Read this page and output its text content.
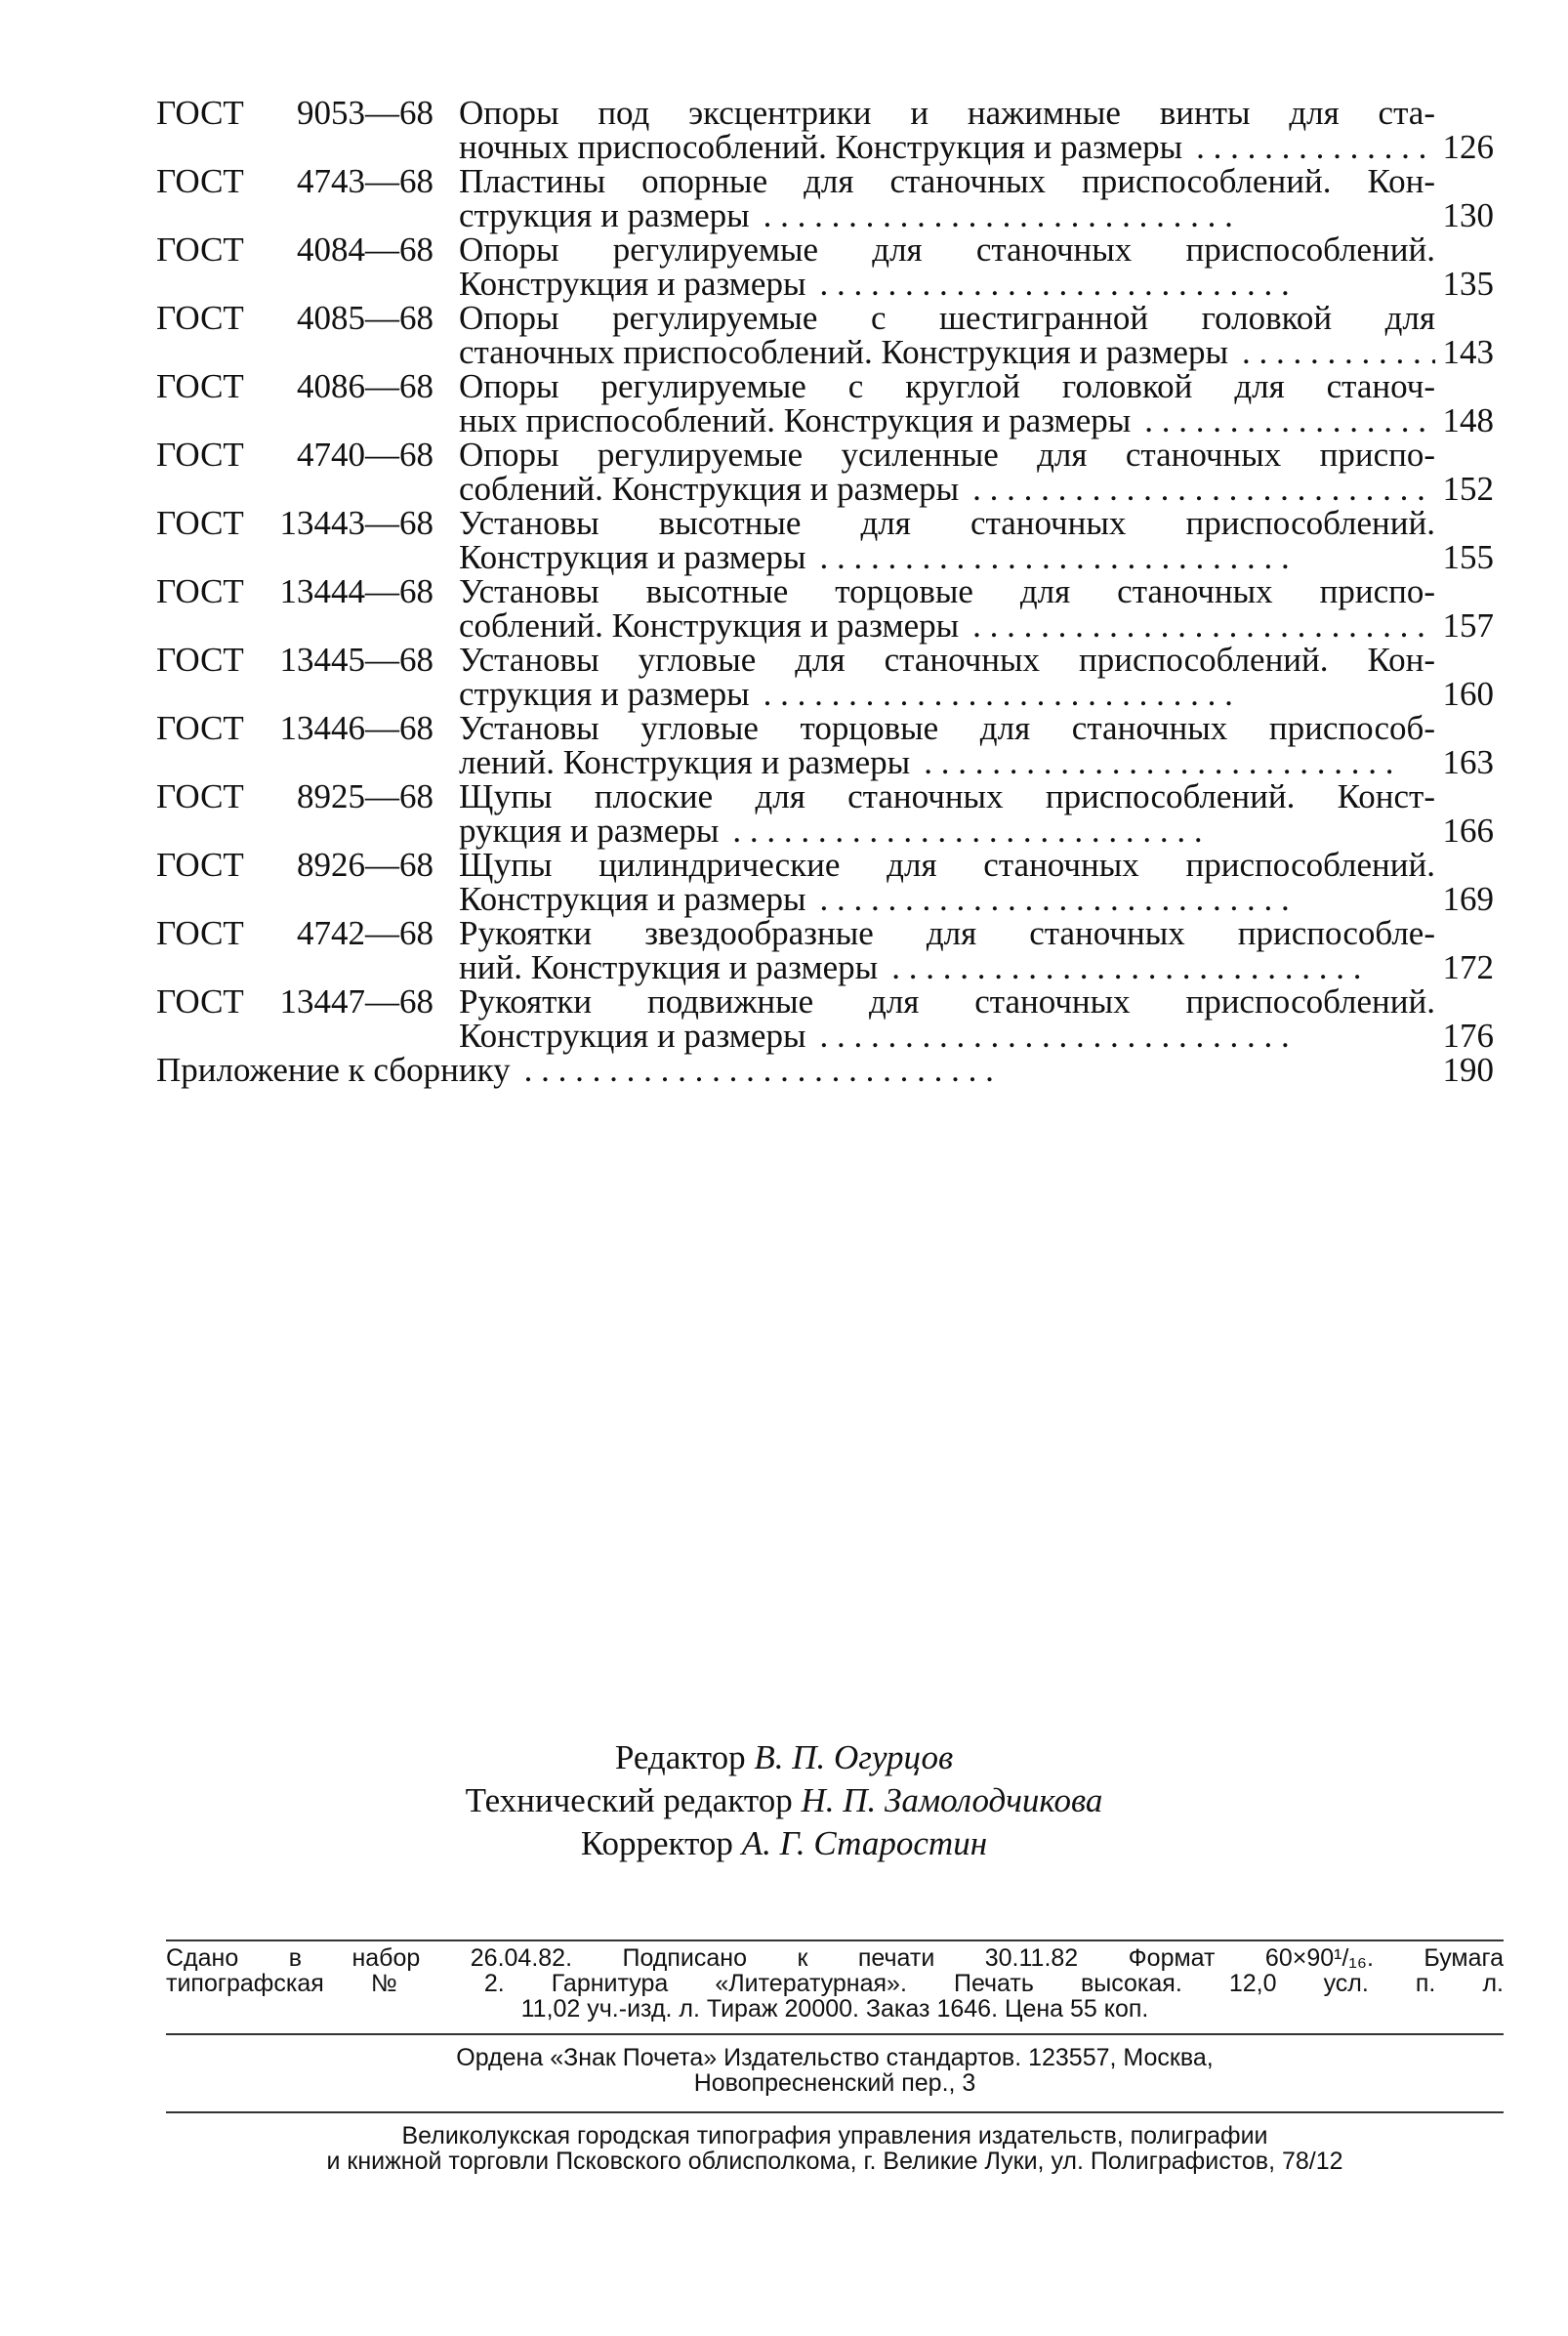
ГОСТ	9053—68 Опоры под эксцентрики и нажимные винты для ста-
ночных приспособлений. Конструкция и размеры . .	126
ГОСТ	4743—68 Пластины опорные для станочных приспособлений. Кон-
струкция и размеры . .	130
ГОСТ	4084—68 Опоры регулируемые для станочных приспособлений.
Конструкция и размеры . .	135
ГОСТ	4085—68 Опоры регулируемые с шестигранной головкой для
станочных приспособлений. Конструкция и размеры . .	143
ГОСТ	4086—68 Опоры регулируемые с круглой головкой для станоч-
ных приспособлений. Конструкция и размеры . .	148
ГОСТ	4740—68 Опоры регулируемые усиленные для станочных приспо-
соблений. Конструкция и размеры . .	152
ГОСТ	13443—68 Установы высотные для станочных приспособлений.
Конструкция и размеры . .	155
ГОСТ	13444—68 Установы высотные торцовые для станочных приспо-
соблений. Конструкция и размеры . .	157
ГОСТ	13445—68 Установы угловые для станочных приспособлений. Кон-
струкция и размеры . .	160
ГОСТ	13446—68 Установы угловые торцовые для станочных приспособ-
лений. Конструкция и размеры . .	163
ГОСТ	8925—68 Щупы плоские для станочных приспособлений. Конст-
рукция и размеры . .	166
ГОСТ	8926—68 Щупы цилиндрические для станочных приспособлений.
Конструкция и размеры . .	169
ГОСТ	4742—68 Рукоятки звездообразные для станочных приспособле-
ний. Конструкция и размеры . .	172
ГОСТ	13447—68 Рукоятки подвижные для станочных приспособлений.
Конструкция и размеры . .	176
Приложение к сборнику . .	190
Редактор В. П. Огурцов
Технический редактор Н. П. Замолодчикова
Корректор А. Г. Старостин
Сдано в набор 26.04.82. Подписано к печати 30.11.82 Формат 60×90¹/₁₆. Бумага
типографская № 2. Гарнитура «Литературная». Печать высокая. 12,0 усл. п. л.
11,02 уч.-изд. л. Тираж 20000. Заказ 1646. Цена 55 коп.
Ордена «Знак Почета» Издательство стандартов. 123557, Москва,
Новопресненский пер., 3
Великолукская городская типография управления издательств, полиграфии
и книжной торговли Псковского облисполкома, г. Великие Луки, ул. Полиграфистов, 78/12
